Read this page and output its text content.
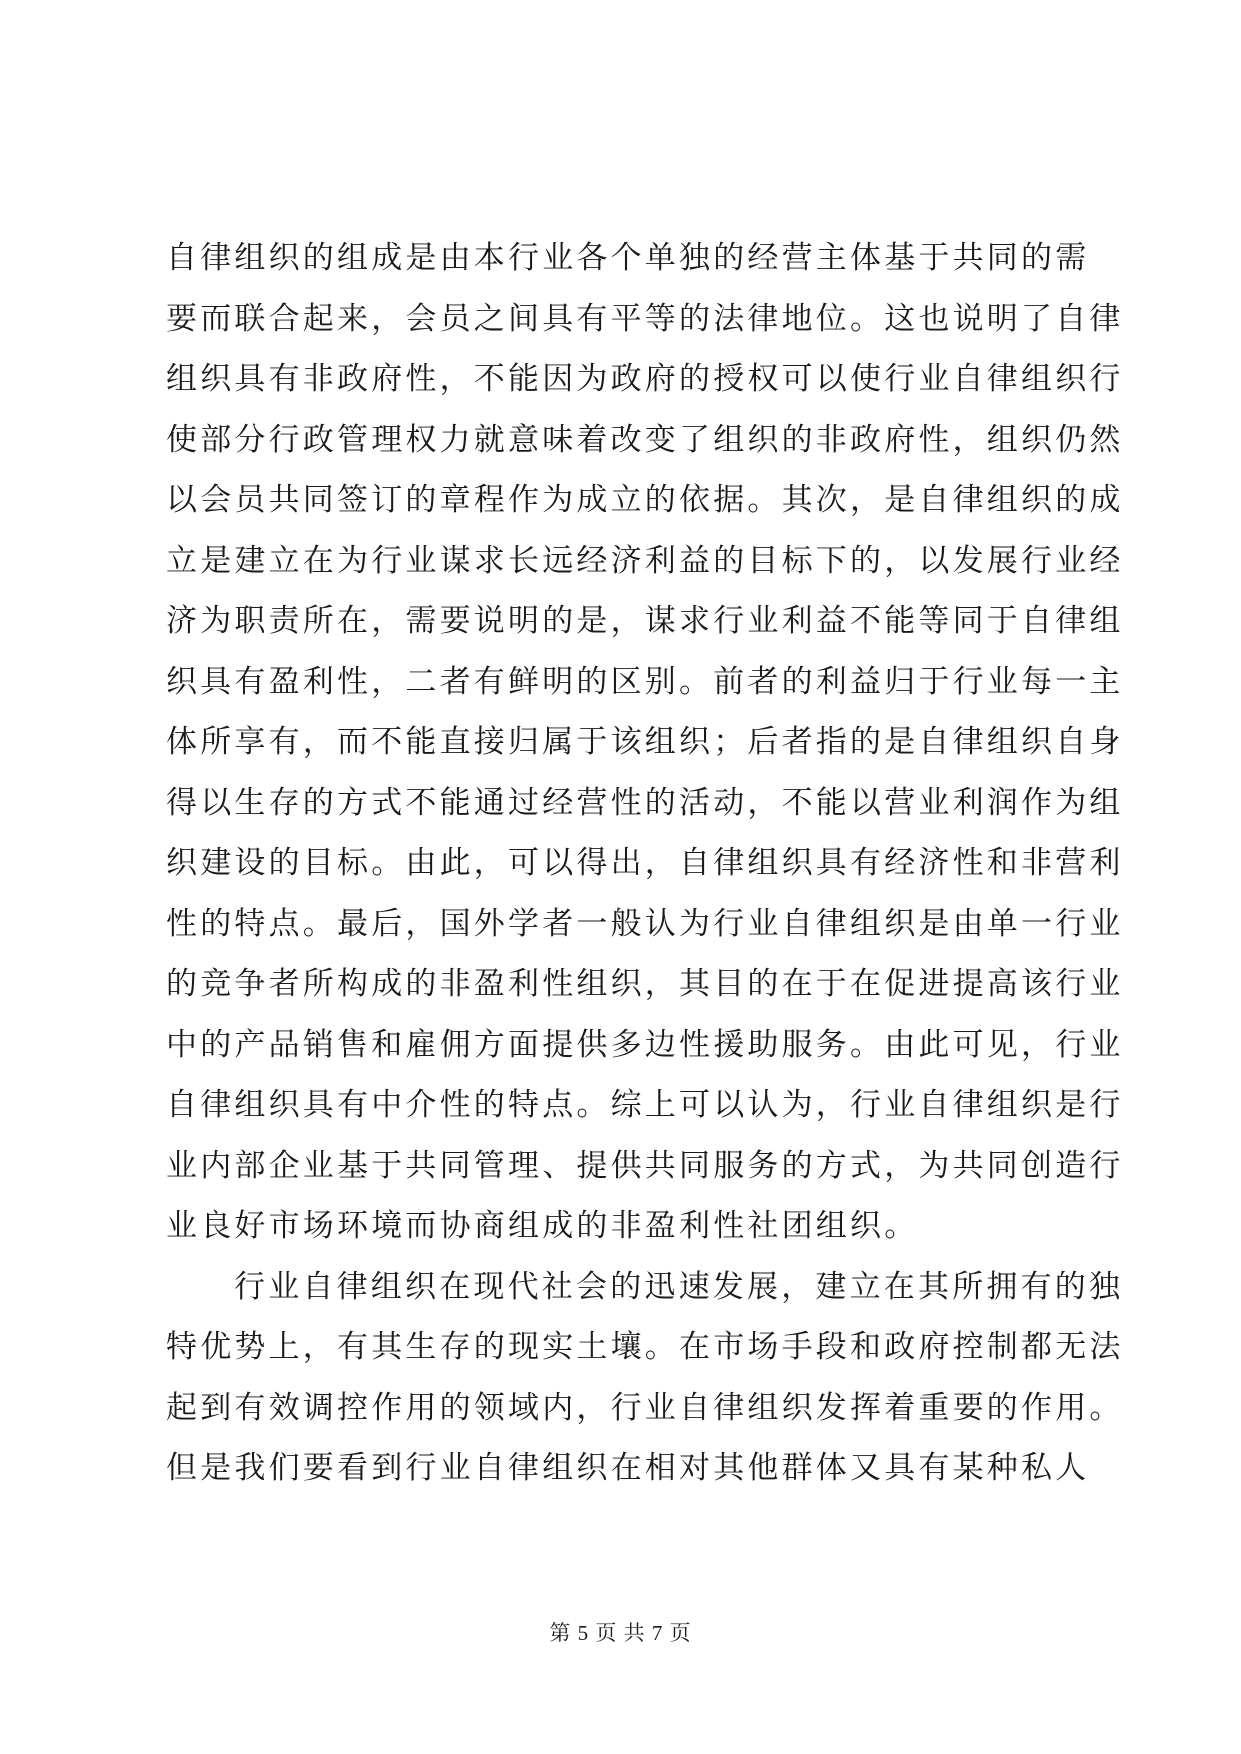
自律组织的组成是由本行业各个单独的经营主体基于共同的需
要而联合起来，会员之间具有平等的法律地位。这也说明了自律
组织具有非政府性，不能因为政府的授权可以使行业自律组织行
使部分行政管理权力就意味着改变了组织的非政府性，组织仍然
以会员共同签订的章程作为成立的依据。其次，是自律组织的成
立是建立在为行业谋求长远经济利益的目标下的，以发展行业经
济为职责所在，需要说明的是，谋求行业利益不能等同于自律组
织具有盈利性，二者有鲜明的区别。前者的利益归于行业每一主
体所享有，而不能直接归属于该组织；后者指的是自律组织自身
得以生存的方式不能通过经营性的活动，不能以营业利润作为组
织建设的目标。由此，可以得出，自律组织具有经济性和非营利
性的特点。最后，国外学者一般认为行业自律组织是由单一行业
的竞争者所构成的非盈利性组织，其目的在于在促进提高该行业
中的产品销售和雇佣方面提供多边性援助服务。由此可见，行业
自律组织具有中介性的特点。综上可以认为，行业自律组织是行
业内部企业基于共同管理、提供共同服务的方式，为共同创造行
业良好市场环境而协商组成的非盈利性社团组织。
行业自律组织在现代社会的迅速发展，建立在其所拥有的独
特优势上，有其生存的现实土壤。在市场手段和政府控制都无法
起到有效调控作用的领域内，行业自律组织发挥着重要的作用。
但是我们要看到行业自律组织在相对其他群体又具有某种私人
第 5 页 共 7 页
